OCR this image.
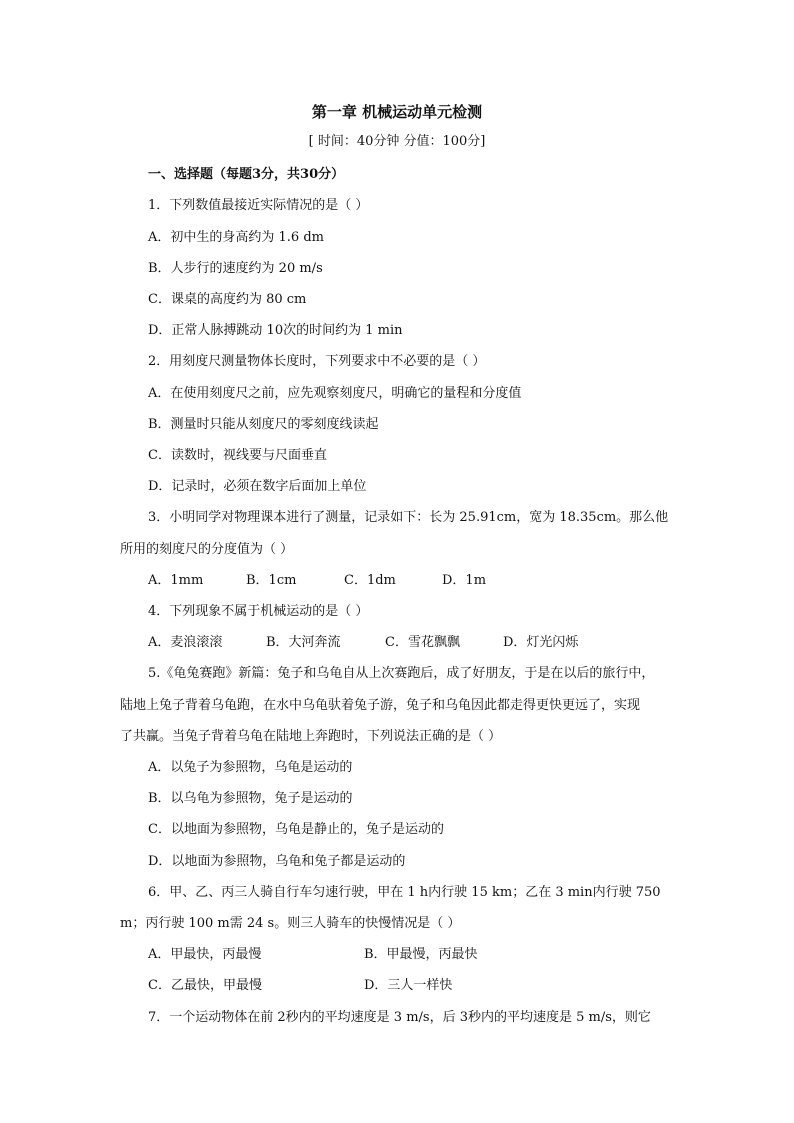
第一章 机械运动单元检测
[ 时间：40分钟 分值：100分]
一、选择题（每题3分，共30分）
1．下列数值最接近实际情况的是（ ）
A．初中生的身高约为 1.6 dm
B．人步行的速度约为 20 m/s
C．课桌的高度约为 80 cm
D．正常人脉搏跳动 10次的时间约为 1 min
2．用刻度尺测量物体长度时，下列要求中不必要的是（ ）
A．在使用刻度尺之前，应先观察刻度尺，明确它的量程和分度值
B．测量时只能从刻度尺的零刻度线读起
C．读数时，视线要与尺面垂直
D．记录时，必须在数字后面加上单位
3．小明同学对物理课本进行了测量，记录如下：长为 25.91cm，宽为 18.35cm。那么他
所用的刻度尺的分度值为（ ）
A．1mm	B．1cm	C．1dm	D．1m
4．下列现象不属于机械运动的是（ ）
A．麦浪滚滚	B．大河奔流	C．雪花飘飘	D．灯光闪烁
5.《龟兔赛跑》新篇：兔子和乌龟自从上次赛跑后，成了好朋友，于是在以后的旅行中，
陆地上兔子背着乌龟跑，在水中乌龟驮着兔子游，兔子和乌龟因此都走得更快更远了，实现
了共赢。当兔子背着乌龟在陆地上奔跑时，下列说法正确的是（ ）
A．以兔子为参照物，乌龟是运动的
B．以乌龟为参照物，兔子是运动的
C．以地面为参照物，乌龟是静止的，兔子是运动的
D．以地面为参照物，乌龟和兔子都是运动的
6．甲、乙、丙三人骑自行车匀速行驶，甲在 1 h内行驶 15 km；乙在 3 min内行驶 750
m；丙行驶 100 m需 24 s。则三人骑车的快慢情况是（ ）
A．甲最快，丙最慢	B．甲最慢，丙最快
C．乙最快，甲最慢	D．三人一样快
7．一个运动物体在前 2秒内的平均速度是 3 m/s，后 3秒内的平均速度是 5 m/s，则它
